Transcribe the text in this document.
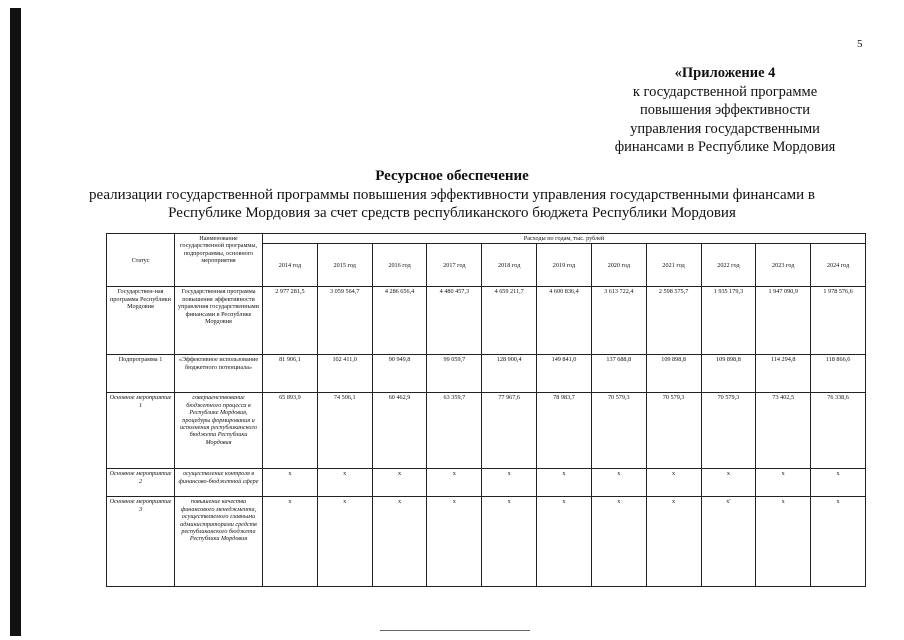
5
«Приложение 4
к государственной программе
повышения эффективности
управления государственными
финансами в Республике Мордовия
Ресурсное обеспечение
реализации государственной программы повышения эффективности управления государственными финансами в
Республике Мордовия за счет средств республиканского бюджета Республики Мордовия
Статус	Наименование государственной программы, подпрограммы, основного мероприятия	Расходы по годам, тыс. рублей										
		2014 год	2015 год	2016 год	2017 год	2018 год	2019 год	2020 год	2021 год	2022 год	2023 год	2024 год
Государствен-ная программа Республики Мордовия	Государственная программа повышения эффективности управления государственными финансами в Республике Мордовия	2 977 281,5	3 059 564,7	4 286 656,4	4 480 457,3	4 659 211,7	4 600 836,4	3 613 722,4	2 598 575,7	1 935 179,3	1 947 090,9	1 978 576,6
Подпрограмма 1	«Эффективное использование бюджетного потенциала»	81 906,1	102 411,0	90 949,8	99 059,7	128 900,4	149 841,0	137 688,8	109 898,8	109 898,8	114 294,8	118 866,6
Основное мероприятие 1	совершенствование бюджетного процесса в Республике Мордовия, процедуры формирования и исполнения республиканского бюджета Республики Мордовия	65 893,9	74 506,1	60 462,9	63 359,7	77 967,6	78 983,7	70 579,3	70 579,3	70 579,3	73 402,5	76 338,6
Основное мероприятие 2	осуществление контроля в финансово-бюджетной сфере	x	x	x	x	x	x	x	x	x	x	x
Основное мероприятие 3	повышение качества финансового менеджмента, осуществляемого главными администраторами средств республиканского бюджета Республики Мордовия	x	x	x	x	x	x	x	x	x'	x	x
